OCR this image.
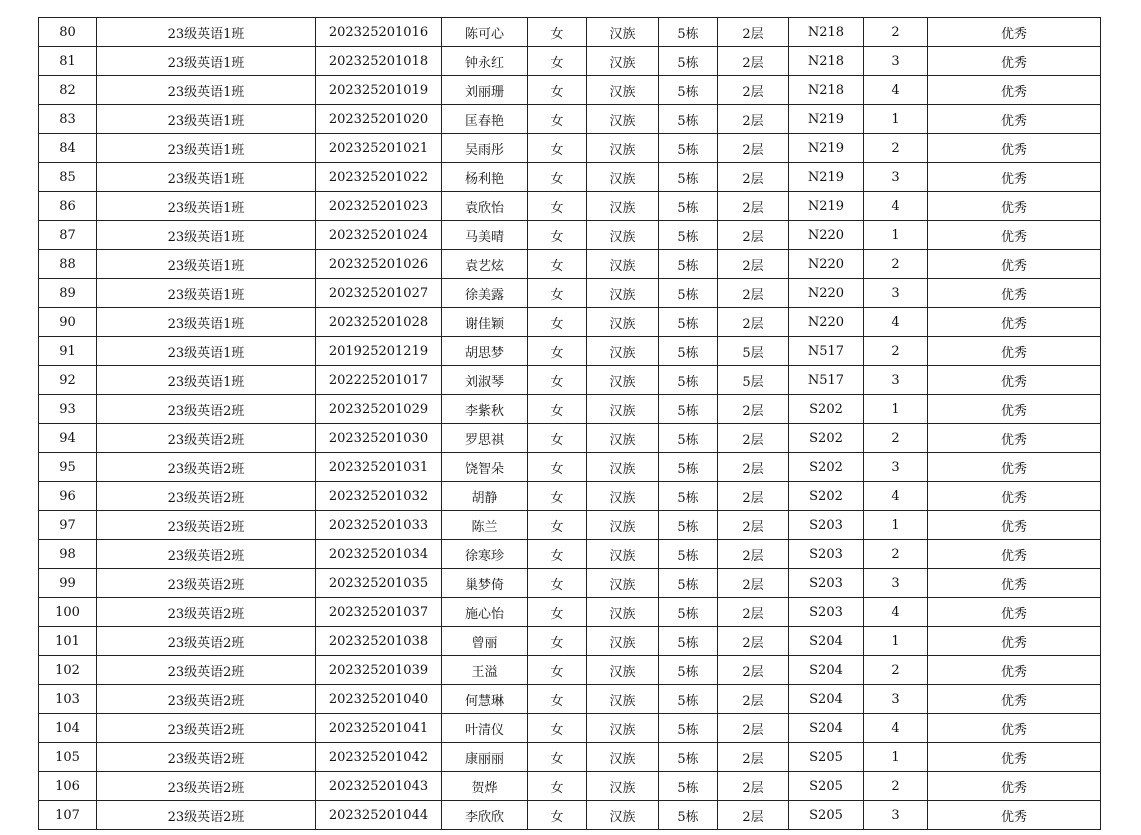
80	23级英语1班	202325201016	陈可心	女	汉族	5栋	2层	N218	2	优秀
81	23级英语1班	202325201018	钟永红	女	汉族	5栋	2层	N218	3	优秀
82	23级英语1班	202325201019	刘丽珊	女	汉族	5栋	2层	N218	4	优秀
83	23级英语1班	202325201020	匡春艳	女	汉族	5栋	2层	N219	1	优秀
84	23级英语1班	202325201021	吴雨彤	女	汉族	5栋	2层	N219	2	优秀
85	23级英语1班	202325201022	杨利艳	女	汉族	5栋	2层	N219	3	优秀
86	23级英语1班	202325201023	袁欣怡	女	汉族	5栋	2层	N219	4	优秀
87	23级英语1班	202325201024	马美晴	女	汉族	5栋	2层	N220	1	优秀
88	23级英语1班	202325201026	袁艺炫	女	汉族	5栋	2层	N220	2	优秀
89	23级英语1班	202325201027	徐美露	女	汉族	5栋	2层	N220	3	优秀
90	23级英语1班	202325201028	谢佳颖	女	汉族	5栋	2层	N220	4	优秀
91	23级英语1班	201925201219	胡思梦	女	汉族	5栋	5层	N517	2	优秀
92	23级英语1班	202225201017	刘淑琴	女	汉族	5栋	5层	N517	3	优秀
93	23级英语2班	202325201029	李紫秋	女	汉族	5栋	2层	S202	1	优秀
94	23级英语2班	202325201030	罗思祺	女	汉族	5栋	2层	S202	2	优秀
95	23级英语2班	202325201031	饶智朵	女	汉族	5栋	2层	S202	3	优秀
96	23级英语2班	202325201032	胡静	女	汉族	5栋	2层	S202	4	优秀
97	23级英语2班	202325201033	陈兰	女	汉族	5栋	2层	S203	1	优秀
98	23级英语2班	202325201034	徐寒珍	女	汉族	5栋	2层	S203	2	优秀
99	23级英语2班	202325201035	巢梦倚	女	汉族	5栋	2层	S203	3	优秀
100	23级英语2班	202325201037	施心怡	女	汉族	5栋	2层	S203	4	优秀
101	23级英语2班	202325201038	曾丽	女	汉族	5栋	2层	S204	1	优秀
102	23级英语2班	202325201039	王溢	女	汉族	5栋	2层	S204	2	优秀
103	23级英语2班	202325201040	何慧琳	女	汉族	5栋	2层	S204	3	优秀
104	23级英语2班	202325201041	叶清仪	女	汉族	5栋	2层	S204	4	优秀
105	23级英语2班	202325201042	康丽丽	女	汉族	5栋	2层	S205	1	优秀
106	23级英语2班	202325201043	贺烨	女	汉族	5栋	2层	S205	2	优秀
107	23级英语2班	202325201044	李欣欣	女	汉族	5栋	2层	S205	3	优秀
